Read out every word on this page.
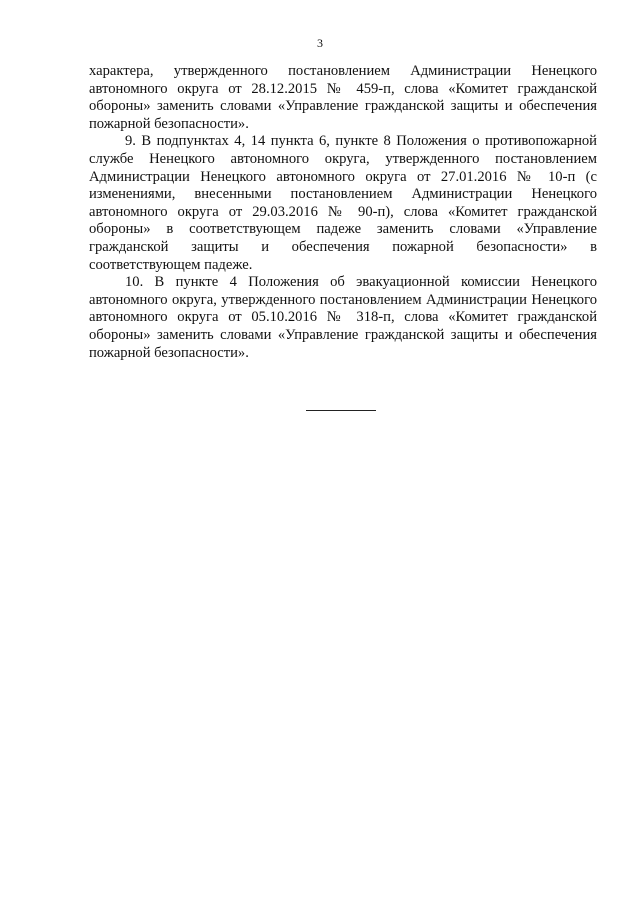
3

характера, утвержденного постановлением Администрации Ненецкого автономного округа от 28.12.2015 № 459-п, слова «Комитет гражданской обороны» заменить словами «Управление гражданской защиты и обеспечения пожарной безопасности».

9. В подпунктах 4, 14 пункта 6, пункте 8 Положения о противопожарной службе Ненецкого автономного округа, утвержденного постановлением Администрации Ненецкого автономного округа от 27.01.2016 № 10-п (с изменениями, внесенными постановлением Администрации Ненецкого автономного округа от 29.03.2016 № 90-п), слова «Комитет гражданской обороны» в соответствующем падеже заменить словами «Управление гражданской защиты и обеспечения пожарной безопасности» в соответствующем падеже.

10. В пункте 4 Положения об эвакуационной комиссии Ненецкого автономного округа, утвержденного постановлением Администрации Ненецкого автономного округа от 05.10.2016 № 318-п, слова «Комитет гражданской обороны» заменить словами «Управление гражданской защиты и обеспечения пожарной безопасности».
